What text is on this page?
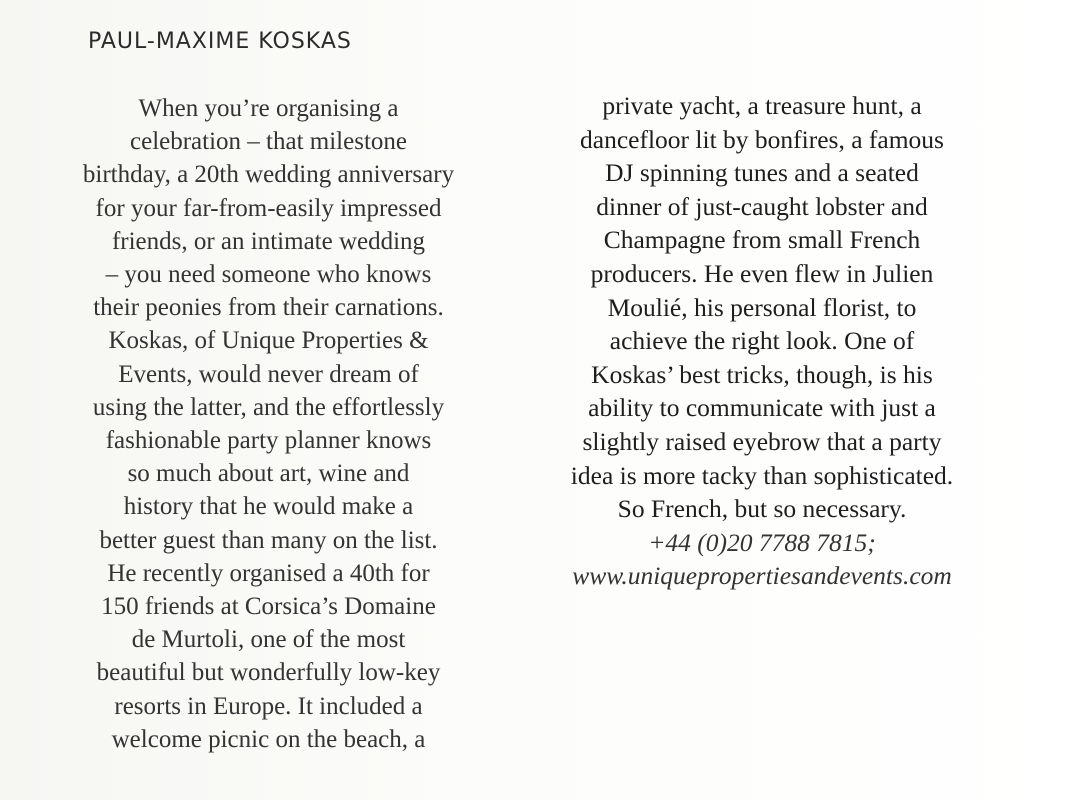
PAUL-MAXIME KOSKAS
When you’re organising a
celebration – that milestone
birthday, a 20th wedding anniversary
for your far-from-easily impressed
friends, or an intimate wedding
– you need someone who knows
their peonies from their carnations.
Koskas, of Unique Properties &
Events, would never dream of
using the latter, and the effortlessly
fashionable party planner knows
so much about art, wine and
history that he would make a
better guest than many on the list.
He recently organised a 40th for
150 friends at Corsica’s Domaine
de Murtoli, one of the most
beautiful but wonderfully low-key
resorts in Europe. It included a
welcome picnic on the beach, a
private yacht, a treasure hunt, a
dancefloor lit by bonfires, a famous
DJ spinning tunes and a seated
dinner of just-caught lobster and
Champagne from small French
producers. He even flew in Julien
Moulié, his personal florist, to
achieve the right look. One of
Koskas’ best tricks, though, is his
ability to communicate with just a
slightly raised eyebrow that a party
idea is more tacky than sophisticated.
So French, but so necessary.
+44 (0)20 7788 7815;
www.uniquepropertiesandevents.com
